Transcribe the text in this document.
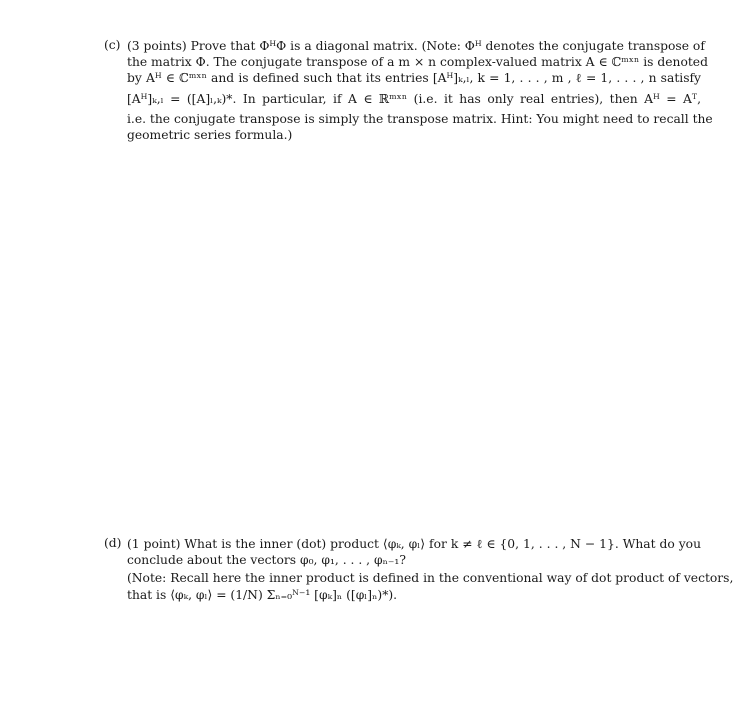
(c) (3 points) Prove that ΦᴴΦ is a diagonal matrix. (Note: Φᴴ denotes the conjugate transpose of
the matrix Φ. The conjugate transpose of a m × n complex-valued matrix A ∈ ℂᵐˣⁿ is denoted
by Aᴴ ∈ ℂᵐˣⁿ and is defined such that its entries [Aᴴ]ₖ,ₗ, k = 1, . . . , m , ℓ = 1, . . . , n satisfy
[Aᴴ]ₖ,ₗ = ([A]ₗ,ₖ)*. In particular, if A ∈ ℝᵐˣⁿ (i.e. it has only real entries), then Aᴴ = Aᵀ,
i.e. the conjugate transpose is simply the transpose matrix. Hint: You might need to recall the
geometric series formula.)
(d) (1 point) What is the inner (dot) product ⟨φₖ, φₗ⟩ for k ≠ ℓ ∈ {0, 1, . . . , N − 1}. What do you
conclude about the vectors φ₀, φ₁, . . . , φₙ₋₁?
(Note: Recall here the inner product is defined in the conventional way of dot product of vectors,
that is ⟨φₖ, φₗ⟩ = (1/N) Σₙ₌₀ᴺ⁻¹ [φₖ]ₙ ([φₗ]ₙ)*).
